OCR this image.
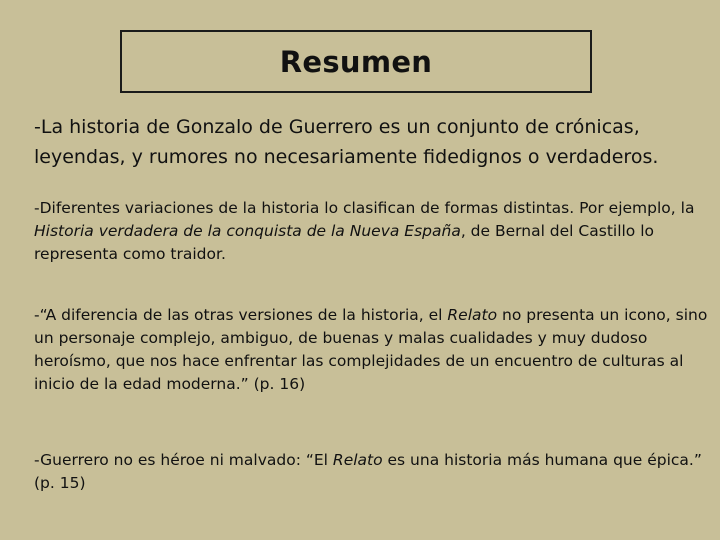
Resumen

-La historia de Gonzalo de Guerrero es un conjunto de crónicas, leyendas, y rumores no necesariamente fidedignos o verdaderos.

-Diferentes variaciones de la historia lo clasifican de formas distintas. Por ejemplo, la Historia verdadera de la conquista de la Nueva España, de Bernal del Castillo lo representa como traidor.

-“A diferencia de las otras versiones de la historia, el Relato no presenta un icono, sino un personaje complejo, ambiguo, de buenas y malas cualidades y muy dudoso heroísmo, que nos hace enfrentar las complejidades de un encuentro de culturas al inicio de la edad moderna.” (p. 16)

-Guerrero no es héroe ni malvado: “El Relato es una historia más humana que épica.” (p. 15)
